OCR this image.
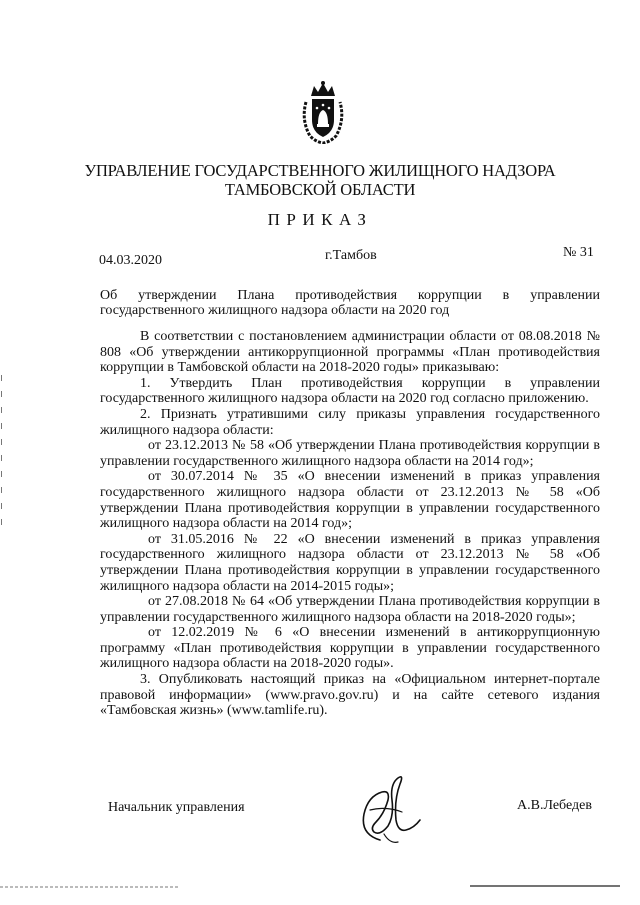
УПРАВЛЕНИЕ ГОСУДАРСТВЕННОГО ЖИЛИЩНОГО НАДЗОРА
ТАМБОВСКОЙ ОБЛАСТИ
ПРИКАЗ
04.03.2020	г.Тамбов	№ 31
Об утверждении Плана противодействия коррупции в управлении государственного жилищного надзора области на 2020 год

В соответствии с постановлением администрации области от 08.08.2018 № 808 «Об утверждении антикоррупционной программы «План противодействия коррупции в Тамбовской области на 2018-2020 годы» приказываю:

1. Утвердить План противодействия коррупции в управлении государственного жилищного надзора области на 2020 год согласно приложению.

2. Признать утратившими силу приказы управления государственного жилищного надзора области:

от 23.12.2013 № 58 «Об утверждении Плана противодействия коррупции в управлении государственного жилищного надзора области на 2014 год»;

от 30.07.2014 № 35 «О внесении изменений в приказ управления государственного жилищного надзора области от 23.12.2013 № 58 «Об утверждении Плана противодействия коррупции в управлении государственного жилищного надзора области на 2014 год»;

от 31.05.2016 № 22 «О внесении изменений в приказ управления государственного жилищного надзора области от 23.12.2013 № 58 «Об утверждении Плана противодействия коррупции в управлении государственного жилищного надзора области на 2014-2015 годы»;

от 27.08.2018 № 64 «Об утверждении Плана противодействия коррупции в управлении государственного жилищного надзора области на 2018-2020 годы»;

от 12.02.2019 № 6 «О внесении изменений в антикоррупционную программу «План противодействия коррупции в управлении государственного жилищного надзора области на 2018-2020 годы».

3. Опубликовать настоящий приказ на «Официальном интернет-портале правовой информации» (www.pravo.gov.ru) и на сайте сетевого издания «Тамбовская жизнь» (www.tamlife.ru).

Начальник управления	А.В.Лебедев
